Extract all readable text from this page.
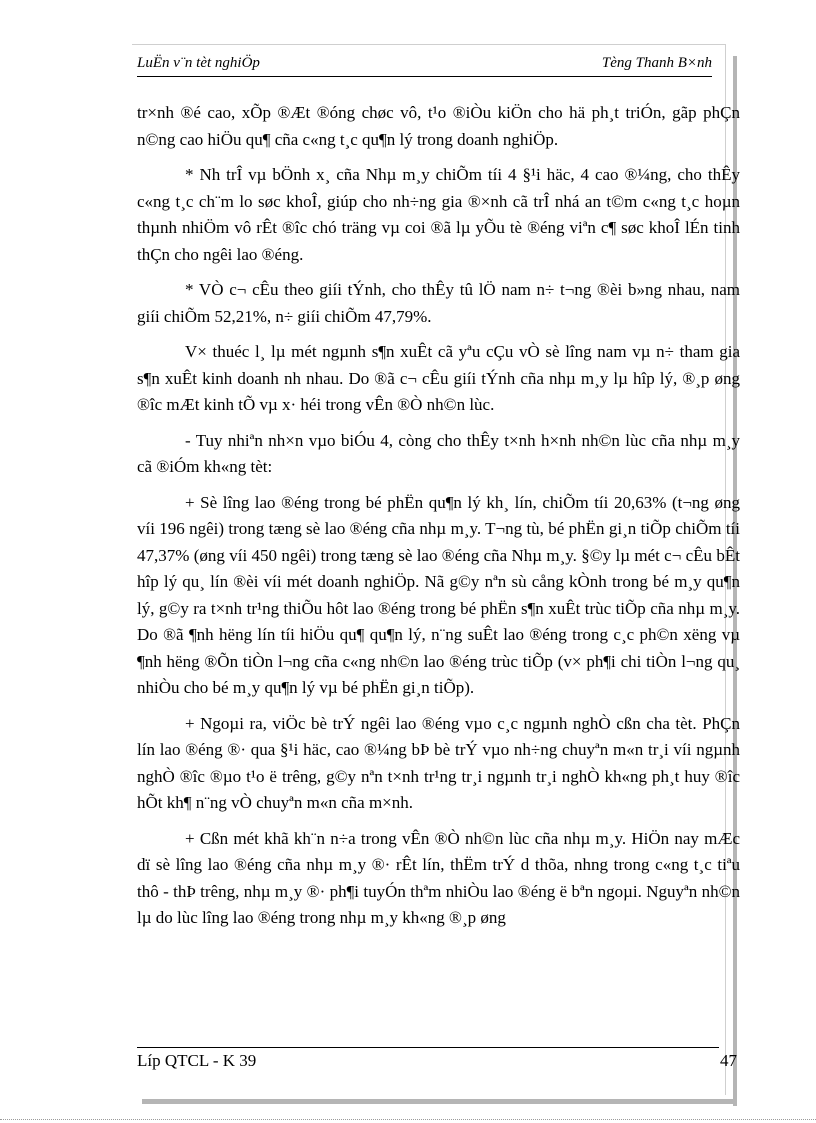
LuËn v¨n tèt nghiÖp	Tèng Thanh B×nh

tr×nh ®é cao, xÕp ®Æt ®óng chøc vô, t¹o ®iÒu kiÖn cho hä ph¸t triÓn, gãp phÇn n©ng cao hiÖu qu¶ cña c«ng t¸c qu¶n lý trong doanh nghiÖp.

* Nh trÎ vµ bÖnh x¸ cña Nhµ m¸y chiÕm tíi 4 §¹i häc, 4 cao ®¼ng, cho thÊy c«ng t¸c ch¨m lo søc khoÎ, giúp cho nh÷ng gia ®×nh cã trÎ nhá an t©m c«ng t¸c hoµn thµnh nhiÖm vô rÊt ®îc chó träng vµ coi ®ã lµ yÕu tè ®éng viªn c¶ søc khoÎ lÉn tinh thÇn cho ngêi lao ®éng.

* VÒ c¬ cÊu theo giíi tÝnh, cho thÊy tû lÖ nam n÷ t¬ng ®èi b»ng nhau, nam giíi chiÕm 52,21%, n÷ giíi chiÕm 47,79%.

V× thuéc l¸ lµ mét ngµnh s¶n xuÊt cã yªu cÇu vÒ sè lîng nam vµ n÷ tham gia s¶n xuÊt kinh doanh nh nhau. Do ®ã c¬ cÊu giíi tÝnh cña nhµ m¸y lµ hîp lý, ®¸p øng ®îc mÆt kinh tÕ vµ x· héi trong vÊn ®Ò nh©n lùc.

- Tuy nhiªn nh×n vµo biÓu 4, còng cho thÊy t×nh h×nh nh©n lùc cña nhµ m¸y cã ®iÓm kh«ng tèt:

+ Sè lîng lao ®éng trong bé phËn qu¶n lý kh¸ lín, chiÕm tíi 20,63% (t¬ng øng víi 196 ngêi) trong tæng sè lao ®éng cña nhµ m¸y. T¬ng tù, bé phËn gi¸n tiÕp chiÕm tíi 47,37% (øng víi 450 ngêi) trong tæng sè lao ®éng cña Nhµ m¸y. §©y lµ mét c¬ cÊu bÊt hîp lý qu¸ lín ®èi víi mét doanh nghiÖp. Nã g©y nªn sù cång kÒnh trong bé m¸y qu¶n lý, g©y ra t×nh tr¹ng thiÕu hôt lao ®éng trong bé phËn s¶n xuÊt trùc tiÕp cña nhµ m¸y. Do ®ã ¶nh hëng lín tíi hiÖu qu¶ qu¶n lý, n¨ng suÊt lao ®éng trong c¸c ph©n xëng vµ ¶nh hëng ®Õn tiÒn l¬ng cña c«ng nh©n lao ®éng trùc tiÕp (v× ph¶i chi tiÒn l¬ng qu¸ nhiÒu cho bé m¸y qu¶n lý vµ bé phËn gi¸n tiÕp).

+ Ngoµi ra, viÖc bè trÝ ngêi lao ®éng vµo c¸c ngµnh nghÒ cßn cha tèt. PhÇn lín lao ®éng ®· qua §¹i häc, cao ®¼ng bÞ bè trÝ vµo nh÷ng chuyªn m«n tr¸i víi ngµnh nghÒ ®îc ®µo t¹o ë trêng, g©y nªn t×nh tr¹ng tr¸i ngµnh tr¸i nghÒ kh«ng ph¸t huy ®îc hÕt kh¶ n¨ng vÒ chuyªn m«n cña m×nh.

+ Cßn mét khã kh¨n n÷a trong vÊn ®Ò nh©n lùc cña nhµ m¸y. HiÖn nay mÆc dï sè lîng lao ®éng cña nhµ m¸y ®· rÊt lín, thËm trÝ d thõa, nhng trong c«ng t¸c tiªu thô - thÞ trêng, nhµ m¸y ®· ph¶i tuyÓn thªm nhiÒu lao ®éng ë bªn ngoµi. Nguyªn nh©n lµ do lùc lîng lao ®éng trong nhµ m¸y kh«ng ®¸p øng

Líp QTCL - K 39	47
